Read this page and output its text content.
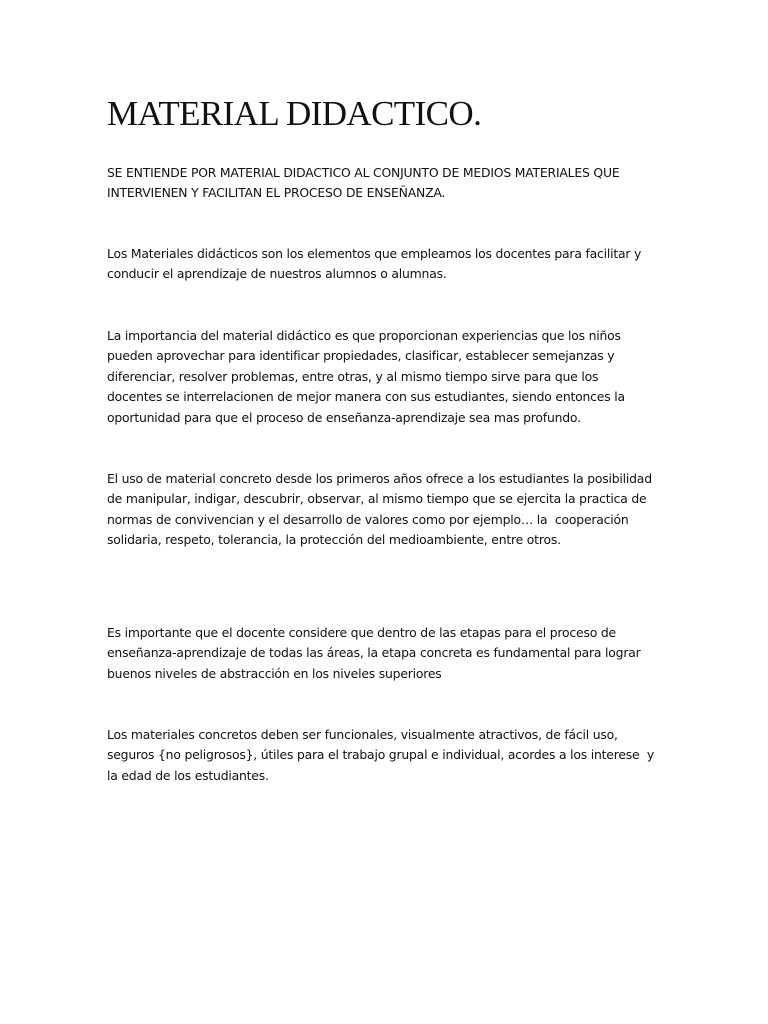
MATERIAL DIDACTICO.

SE ENTIENDE POR MATERIAL DIDACTICO AL CONJUNTO DE MEDIOS MATERIALES QUE
INTERVIENEN Y FACILITAN EL PROCESO DE ENSEÑANZA.

Los Materiales didácticos son los elementos que empleamos los docentes para facilitar y
conducir el aprendizaje de nuestros alumnos o alumnas.

La importancia del material didáctico es que proporcionan experiencias que los niños
pueden aprovechar para identificar propiedades, clasificar, establecer semejanzas y
diferenciar, resolver problemas, entre otras, y al mismo tiempo sirve para que los
docentes se interrelacionen de mejor manera con sus estudiantes, siendo entonces la
oportunidad para que el proceso de enseñanza-aprendizaje sea mas profundo.

El uso de material concreto desde los primeros años ofrece a los estudiantes la posibilidad
de manipular, indigar, descubrir, observar, al mismo tiempo que se ejercita la practica de
normas de convivencian y el desarrollo de valores como por ejemplo… la  cooperación
solidaria, respeto, tolerancia, la protección del medioambiente, entre otros.

Es importante que el docente considere que dentro de las etapas para el proceso de
enseñanza-aprendizaje de todas las áreas, la etapa concreta es fundamental para lograr
buenos niveles de abstracción en los niveles superiores

Los materiales concretos deben ser funcionales, visualmente atractivos, de fácil uso,
seguros {no peligrosos}, útiles para el trabajo grupal e individual, acordes a los interese  y
la edad de los estudiantes.
